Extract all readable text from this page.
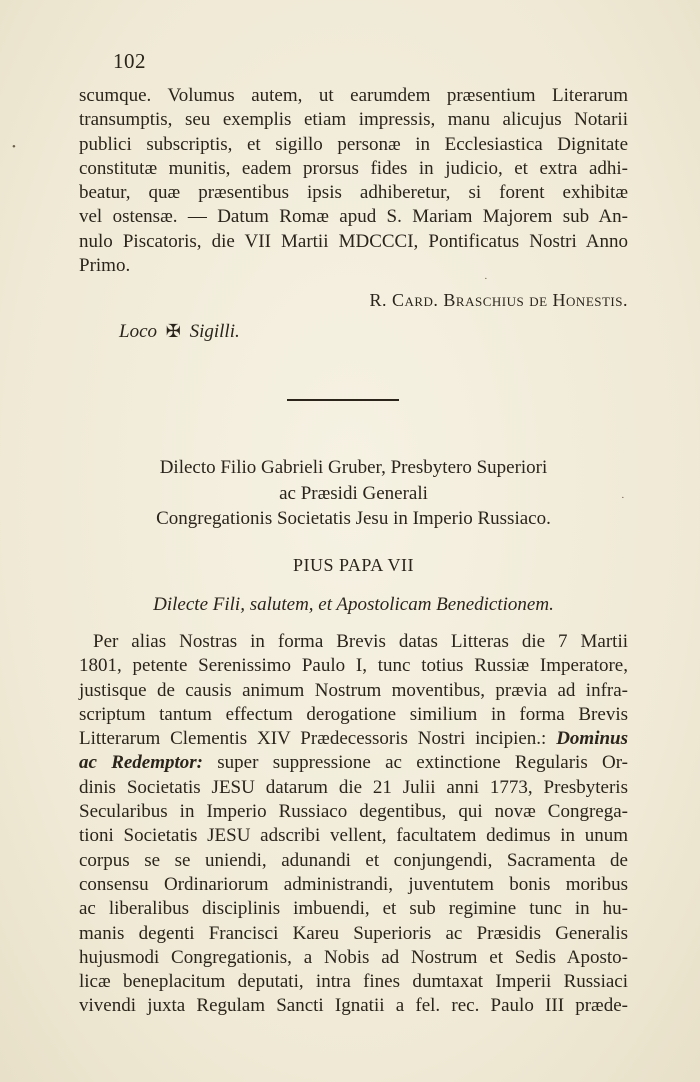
102
scumque. Volumus autem, ut earumdem præsentium Literarum
transumptis, seu exemplis etiam impressis, manu alicujus Notarii
publici subscriptis, et sigillo personæ in Ecclesiastica Dignitate
constitutæ munitis, eadem prorsus fides in judicio, et extra adhi-
beatur, quæ præsentibus ipsis adhiberetur, si forent exhibitæ
vel ostensæ. — Datum Romæ apud S. Mariam Majorem sub An-
nulo Piscatoris, die VII Martii MDCCCI, Pontificatus Nostri Anno
Primo.
R. Card. Braschius de Honestis.
Loco ✠ Sigilli.
Dilecto Filio Gabrieli Gruber, Presbytero Superiori
ac Præsidi Generali
Congregationis Societatis Jesu in Imperio Russiaco.
PIUS PAPA VII
Dilecte Fili, salutem, et Apostolicam Benedictionem.
Per alias Nostras in forma Brevis datas Litteras die 7 Martii
1801, petente Serenissimo Paulo I, tunc totius Russiæ Imperatore,
justisque de causis animum Nostrum moventibus, prævia ad infra-
scriptum tantum effectum derogatione similium in forma Brevis
Litterarum Clementis XIV Prædecessoris Nostri incipien.: Dominus
ac Redemptor: super suppressione ac extinctione Regularis Or-
dinis Societatis JESU datarum die 21 Julii anni 1773, Presbyteris
Secularibus in Imperio Russiaco degentibus, qui novæ Congrega-
tioni Societatis JESU adscribi vellent, facultatem dedimus in unum
corpus se se uniendi, adunandi et conjungendi, Sacramenta de
consensu Ordinariorum administrandi, juventutem bonis moribus
ac liberalibus disciplinis imbuendi, et sub regimine tunc in hu-
manis degenti Francisci Kareu Superioris ac Præsidis Generalis
hujusmodi Congregationis, a Nobis ad Nostrum et Sedis Aposto-
licæ beneplacitum deputati, intra fines dumtaxat Imperii Russiaci
vivendi juxta Regulam Sancti Ignatii a fel. rec. Paulo III præde-
•
·
·
